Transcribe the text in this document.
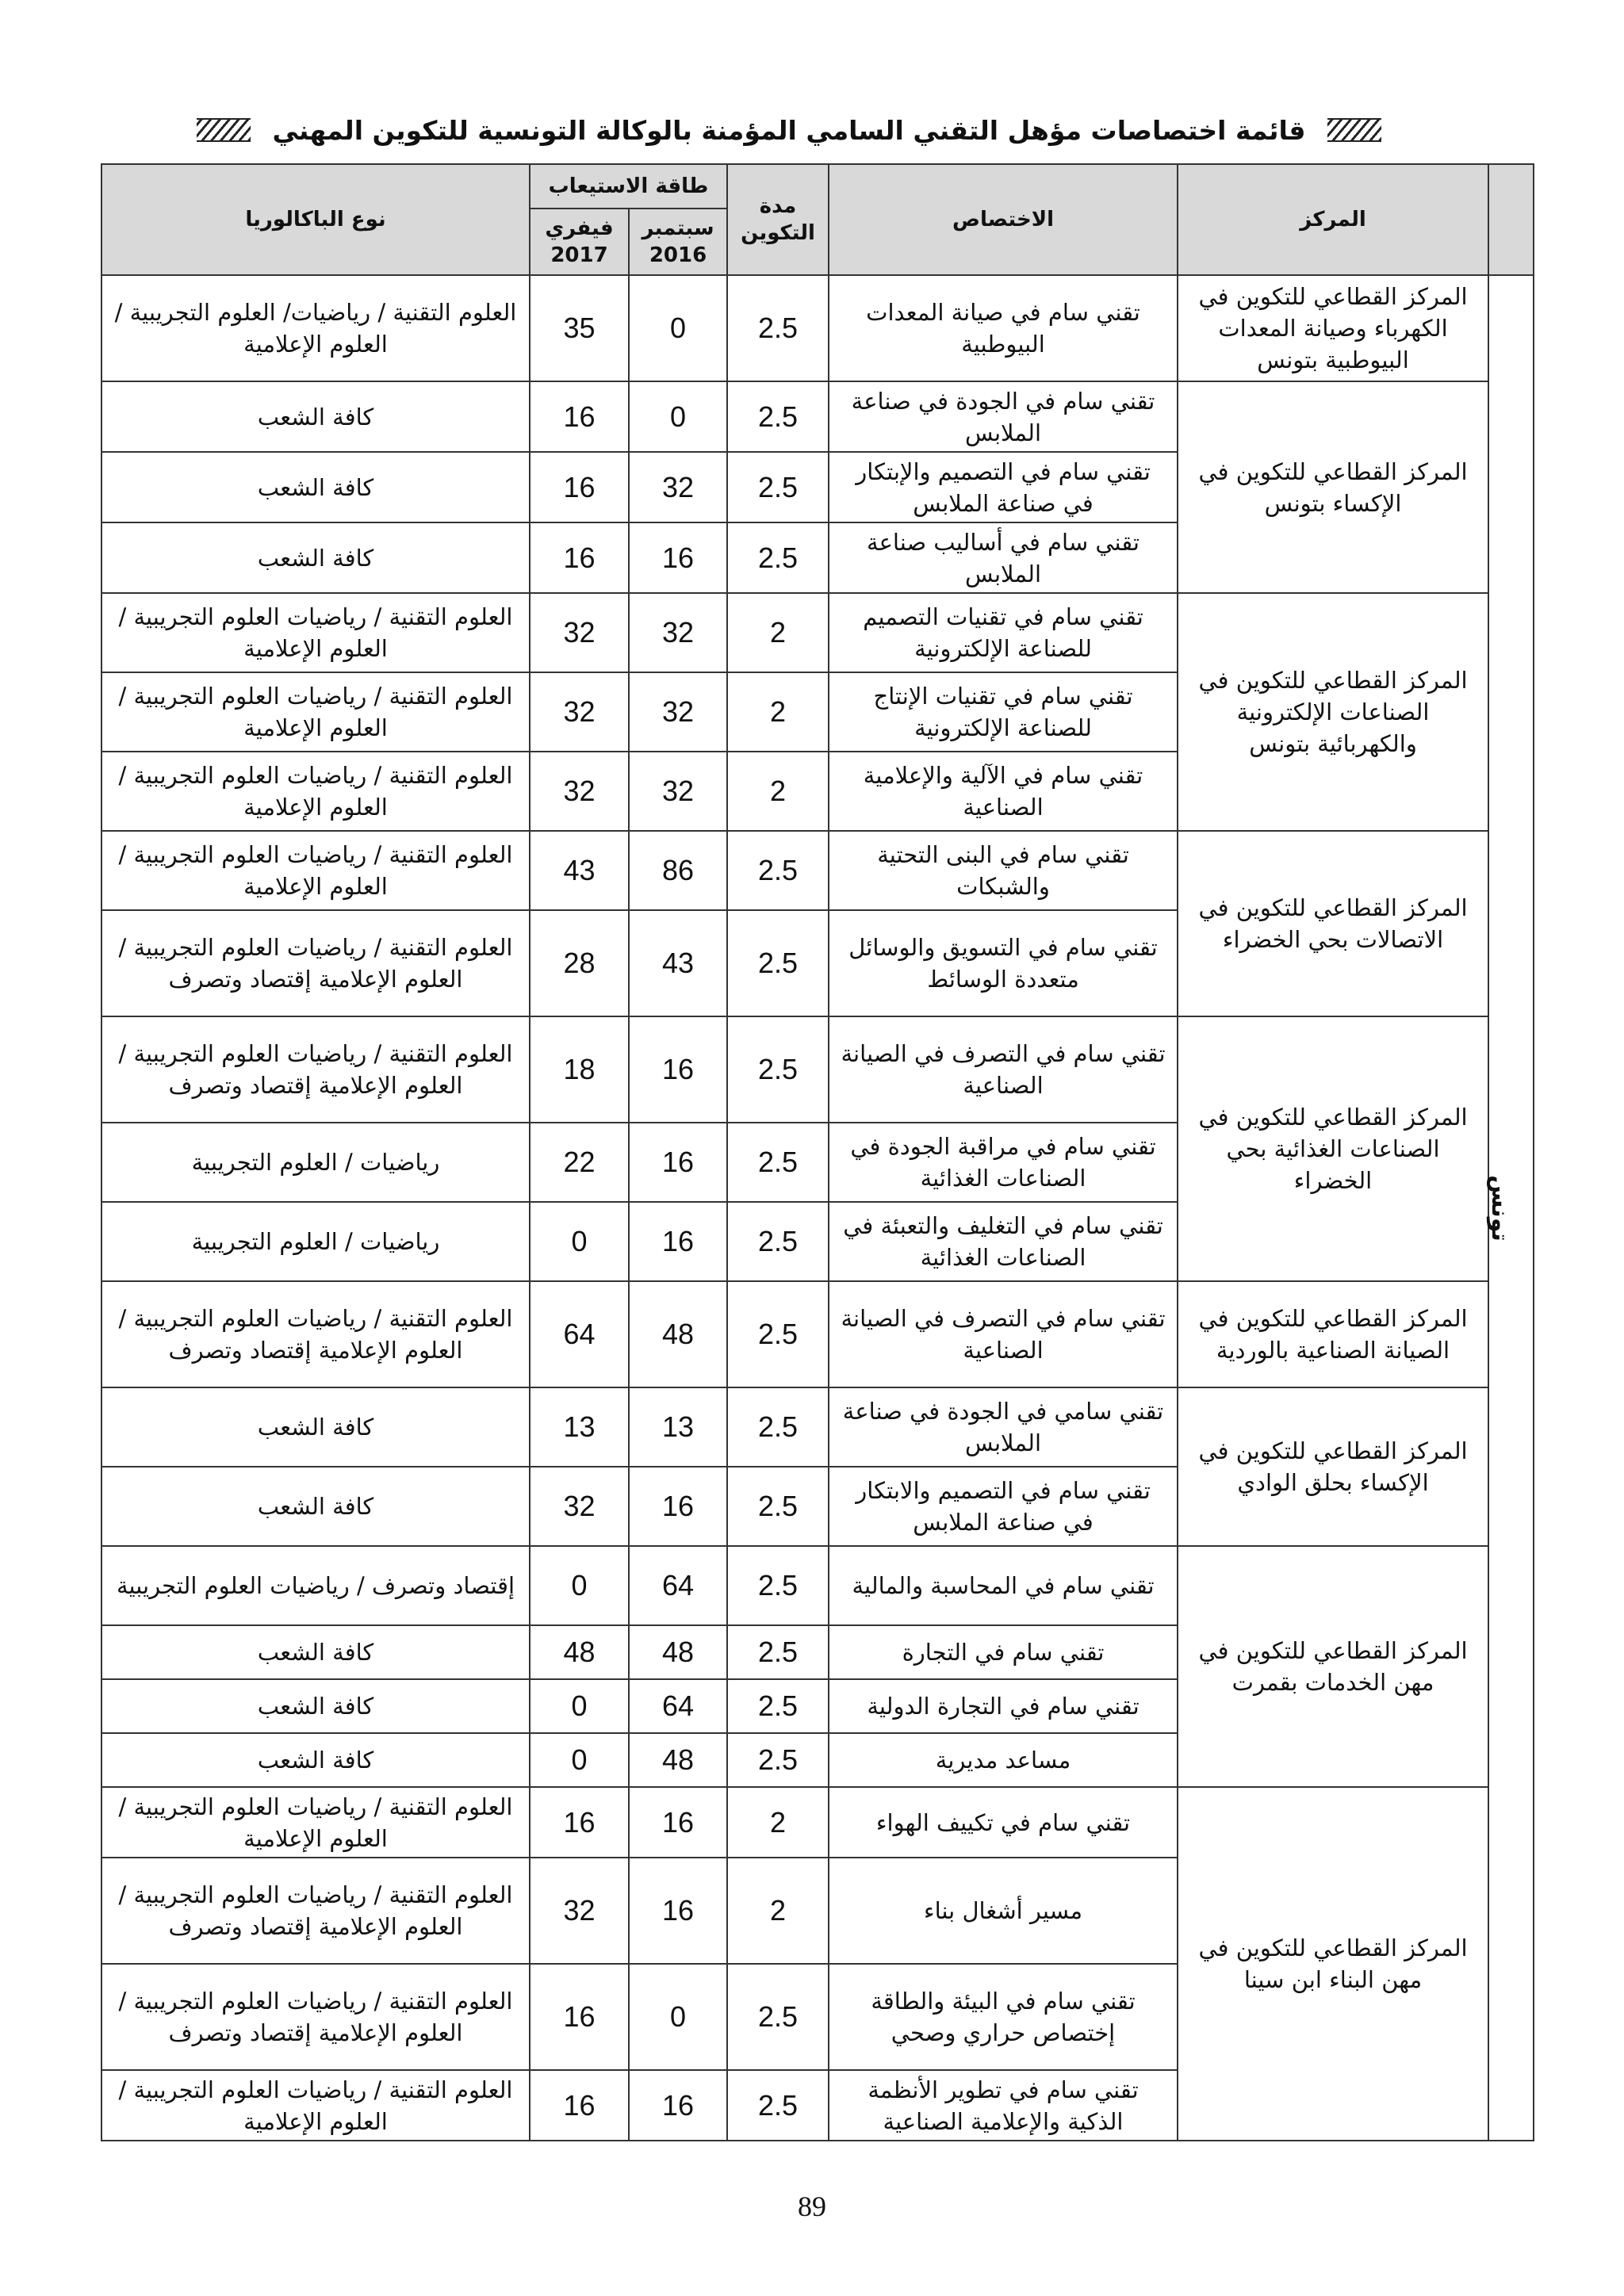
قائمة اختصاصات مؤهل التقني السامي المؤمنة بالوكالة التونسية للتكوين المهني
	المركز	الاختصاص	مدة التكوين	طاقة الاستيعاب		نوع الباكالوريا
				سبتمبر 2016	فيفري 2017	
تونس	المركز القطاعي للتكوين في الكهرباء وصيانة المعدات البيوطبية بتونس	تقني سام في صيانة المعدات البيوطبية	2.5	0	35	العلوم التقنية / رياضيات/ العلوم التجريبية / العلوم الإعلامية
	المركز القطاعي للتكوين في الإكساء بتونس	تقني سام في الجودة في صناعة الملابس	2.5	0	16	كافة الشعب
		تقني سام في التصميم والإبتكار في صناعة الملابس	2.5	32	16	كافة الشعب
		تقني سام في أساليب صناعة الملابس	2.5	16	16	كافة الشعب
	المركز القطاعي للتكوين في الصناعات الإلكترونية والكهربائية بتونس	تقني سام في تقنيات التصميم للصناعة الإلكترونية	2	32	32	العلوم التقنية / رياضيات العلوم التجريبية / العلوم الإعلامية
		تقني سام في تقنيات الإنتاج للصناعة الإلكترونية	2	32	32	العلوم التقنية / رياضيات العلوم التجريبية / العلوم الإعلامية
		تقني سام في الآلية والإعلامية الصناعية	2	32	32	العلوم التقنية / رياضيات العلوم التجريبية / العلوم الإعلامية
	المركز القطاعي للتكوين في الاتصالات بحي الخضراء	تقني سام في البنى التحتية والشبكات	2.5	86	43	العلوم التقنية / رياضيات العلوم التجريبية / العلوم الإعلامية
		تقني سام في التسويق والوسائل متعددة الوسائط	2.5	43	28	العلوم التقنية / رياضيات العلوم التجريبية / العلوم الإعلامية إقتصاد وتصرف
	المركز القطاعي للتكوين في الصناعات الغذائية بحي الخضراء	تقني سام في التصرف في الصيانة الصناعية	2.5	16	18	العلوم التقنية / رياضيات العلوم التجريبية / العلوم الإعلامية إقتصاد وتصرف
		تقني سام في مراقبة الجودة في الصناعات الغذائية	2.5	16	22	رياضيات / العلوم التجريبية
		تقني سام في التغليف والتعبئة في الصناعات الغذائية	2.5	16	0	رياضيات / العلوم التجريبية
	المركز القطاعي للتكوين في الصيانة الصناعية بالوردية	تقني سام في التصرف في الصيانة الصناعية	2.5	48	64	العلوم التقنية / رياضيات العلوم التجريبية / العلوم الإعلامية إقتصاد وتصرف
	المركز القطاعي للتكوين في الإكساء بحلق الوادي	تقني سامي في الجودة في صناعة الملابس	2.5	13	13	كافة الشعب
		تقني سام في التصميم والابتكار في صناعة الملابس	2.5	16	32	كافة الشعب
	المركز القطاعي للتكوين في مهن الخدمات بقمرت	تقني سام في المحاسبة والمالية	2.5	64	0	إقتصاد وتصرف / رياضيات العلوم التجريبية
		تقني سام في التجارة	2.5	48	48	كافة الشعب
		تقني سام في التجارة الدولية	2.5	64	0	كافة الشعب
		مساعد مديرية	2.5	48	0	كافة الشعب
	المركز القطاعي للتكوين في مهن البناء ابن سينا	تقني سام في تكييف الهواء	2	16	16	العلوم التقنية / رياضيات العلوم التجريبية / العلوم الإعلامية
		مسير أشغال بناء	2	16	32	العلوم التقنية / رياضيات العلوم التجريبية / العلوم الإعلامية إقتصاد وتصرف
		تقني سام في البيئة والطاقة إختصاص حراري وصحي	2.5	0	16	العلوم التقنية / رياضيات العلوم التجريبية / العلوم الإعلامية إقتصاد وتصرف
		تقني سام في تطوير الأنظمة الذكية والإعلامية الصناعية	2.5	16	16	العلوم التقنية / رياضيات العلوم التجريبية / العلوم الإعلامية
89
